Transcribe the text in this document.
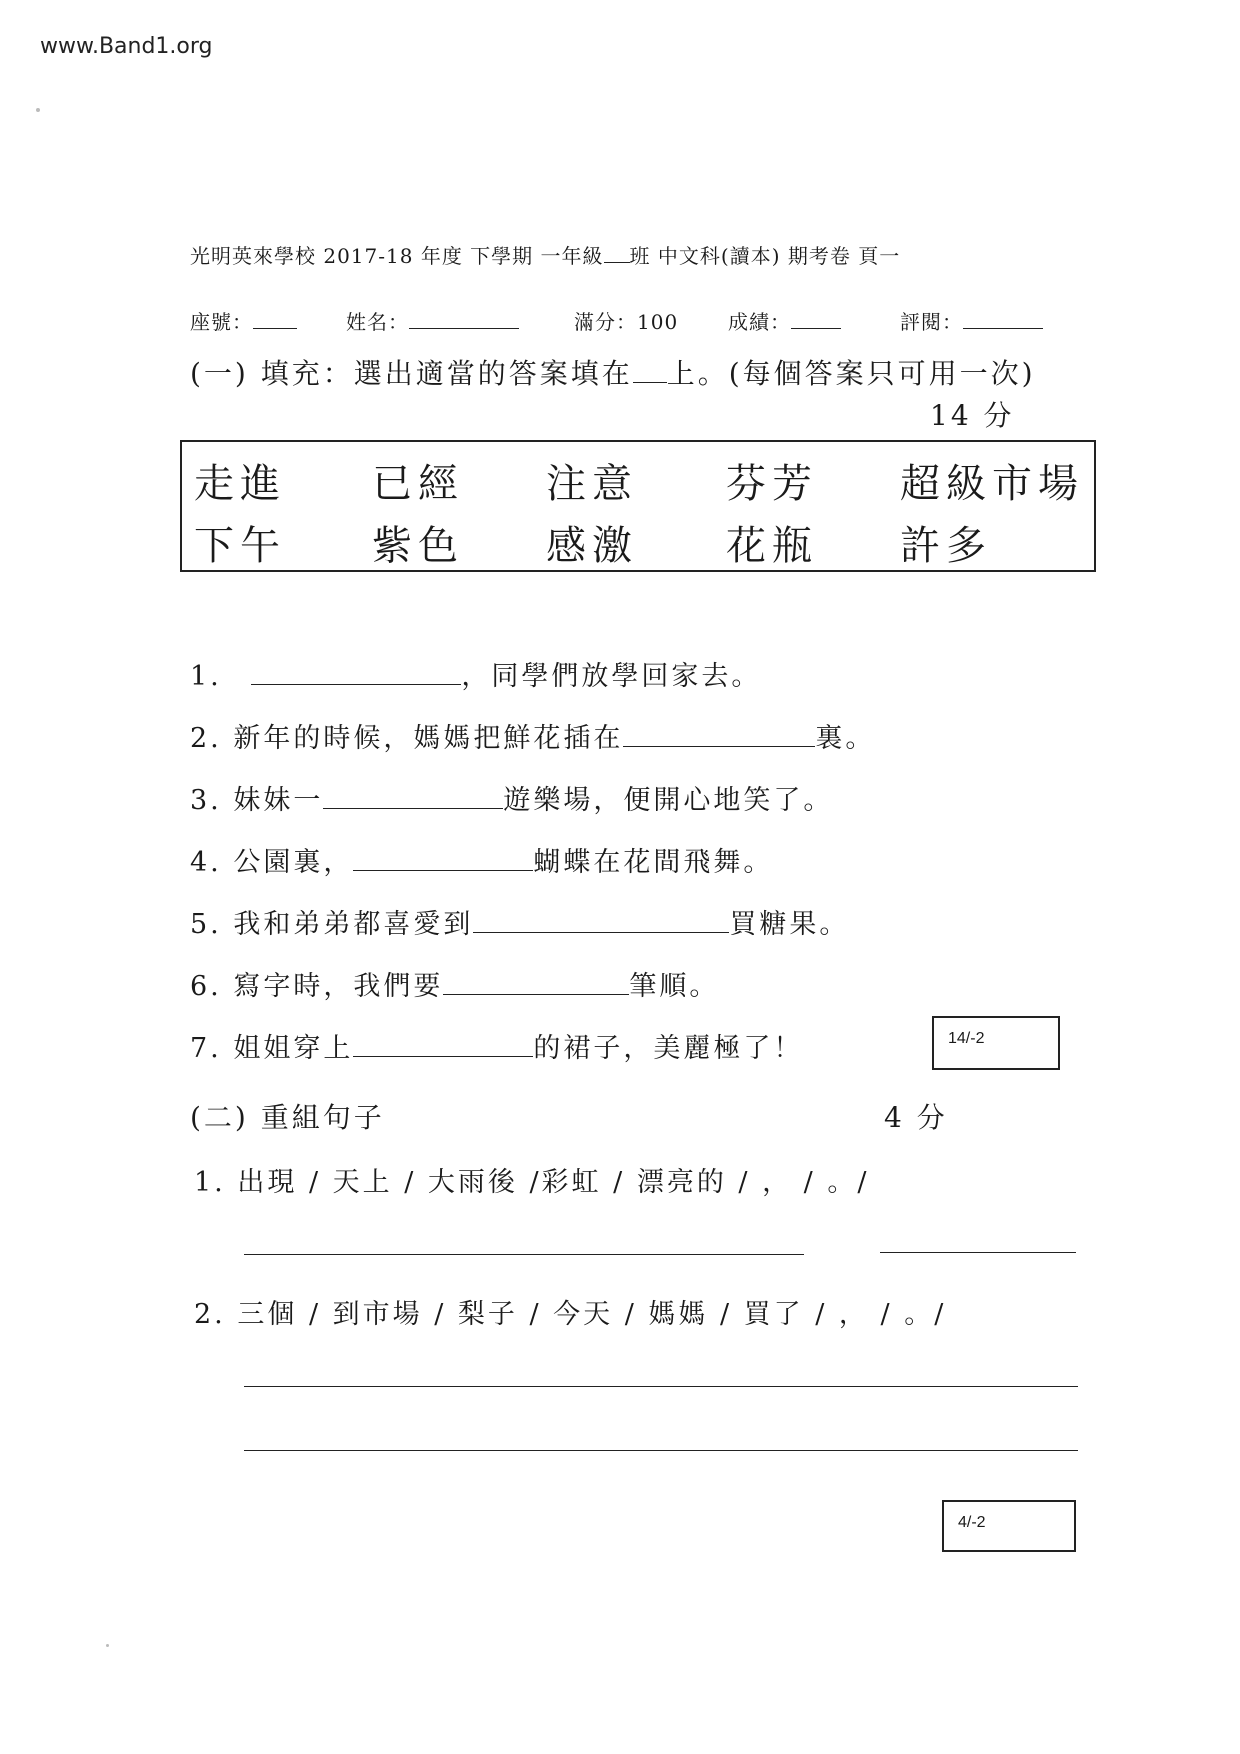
www.Band1.org
光明英來學校 2017-18 年度 下學期 一年級 班 中文科(讀本) 期考卷 頁一
座號：	姓名：	滿分：100 成績：	評閱：
(一) 填充：選出適當的答案填在 上。(每個答案只可用一次)
14 分
走進 已經 注意 芬芳 超級市場
下午 紫色 感激 花瓶 許多
1.	，同學們放學回家去。
2. 新年的時候，媽媽把鮮花插在	裏。
3. 妹妹一	遊樂場，便開心地笑了。
4. 公園裏，	蝴蝶在花間飛舞。
5. 我和弟弟都喜愛到	買糖果。
6. 寫字時，我們要	筆順。
7. 姐姐穿上	的裙子，美麗極了！	14/-2
(二) 重組句子	4 分
1. 出現 / 天上 / 大雨後 /彩虹 / 漂亮的 / ， / 。/
2. 三個 / 到市場 / 梨子 / 今天 / 媽媽 / 買了 / ， / 。/
4/-2
